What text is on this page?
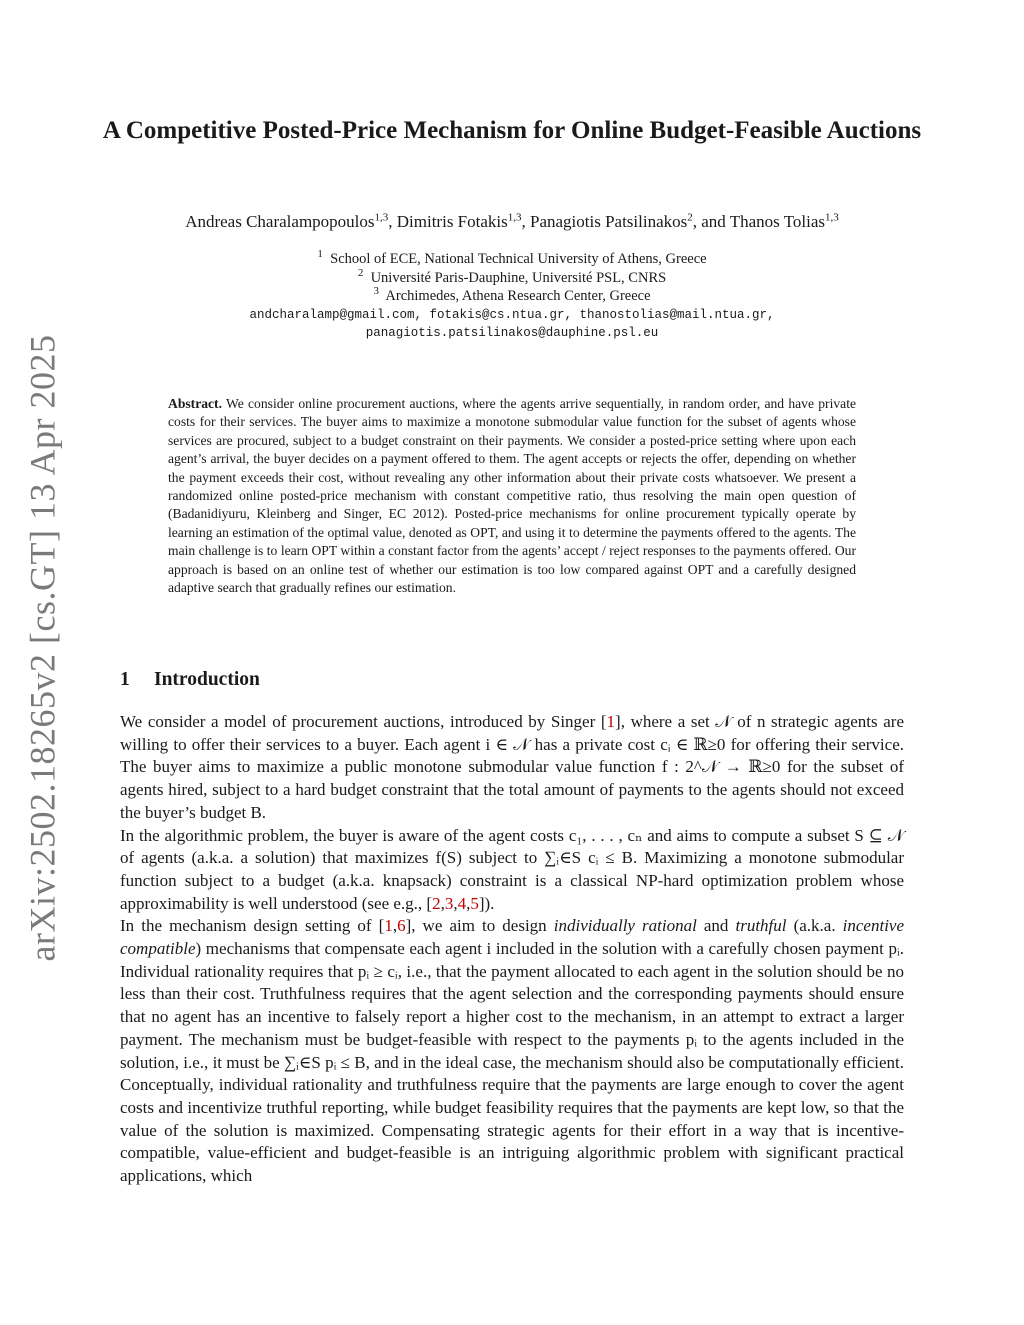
arXiv:2502.18265v2 [cs.GT] 13 Apr 2025
A Competitive Posted-Price Mechanism for Online Budget-Feasible Auctions
Andreas Charalampopoulos$^{1,3}$, Dimitris Fotakis$^{1,3}$, Panagiotis Patsilinakos$^2$, and Thanos Tolias$^{1,3}$
$^1$ School of ECE, National Technical University of Athens, Greece
$^2$ Université Paris-Dauphine, Université PSL, CNRS
$^3$ Archimedes, Athena Research Center, Greece
andcharalamp@gmail.com, fotakis@cs.ntua.gr, thanostolias@mail.ntua.gr,
panagiotis.patsilinakos@dauphine.psl.eu
Abstract. We consider online procurement auctions, where the agents arrive sequentially, in random order, and have private costs for their services. The buyer aims to maximize a monotone submodular value function for the subset of agents whose services are procured, subject to a budget constraint on their payments. We consider a posted-price setting where upon each agent’s arrival, the buyer decides on a payment offered to them. The agent accepts or rejects the offer, depending on whether the payment exceeds their cost, without revealing any other information about their private costs whatsoever. We present a randomized online posted-price mechanism with constant competitive ratio, thus resolving the main open question of (Badanidiyuru, Kleinberg and Singer, EC 2012). Posted-price mechanisms for online procurement typically operate by learning an estimation of the optimal value, denoted as OPT, and using it to determine the payments offered to the agents. The main challenge is to learn OPT within a constant factor from the agents’ accept / reject responses to the payments offered. Our approach is based on an online test of whether our estimation is too low compared against OPT and a carefully designed adaptive search that gradually refines our estimation.
1 Introduction

We consider a model of procurement auctions, introduced by Singer [1], where a set 𝒩 of n strategic agents are willing to offer their services to a buyer. Each agent i ∈ 𝒩 has a private cost cᵢ ∈ ℝ≥0 for offering their service. The buyer aims to maximize a public monotone submodular value function f : 2^𝒩 → ℝ≥0 for the subset of agents hired, subject to a hard budget constraint that the total amount of payments to the agents should not exceed the buyer’s budget B.

In the algorithmic problem, the buyer is aware of the agent costs c₁, . . . , cₙ and aims to compute a subset S ⊆ 𝒩 of agents (a.k.a. a solution) that maximizes f(S) subject to ∑ᵢ∈S cᵢ ≤ B. Maximizing a monotone submodular function subject to a budget (a.k.a. knapsack) constraint is a classical NP-hard optimization problem whose approximability is well understood (see e.g., [2,3,4,5]).

In the mechanism design setting of [1,6], we aim to design individually rational and truthful (a.k.a. incentive compatible) mechanisms that compensate each agent i included in the solution with a carefully chosen payment pᵢ. Individual rationality requires that pᵢ ≥ cᵢ, i.e., that the payment allocated to each agent in the solution should be no less than their cost. Truthfulness requires that the agent selection and the corresponding payments should ensure that no agent has an incentive to falsely report a higher cost to the mechanism, in an attempt to extract a larger payment. The mechanism must be budget-feasible with respect to the payments pᵢ to the agents included in the solution, i.e., it must be ∑ᵢ∈S pᵢ ≤ B, and in the ideal case, the mechanism should also be computationally efficient. Conceptually, individual rationality and truthfulness require that the payments are large enough to cover the agent costs and incentivize truthful reporting, while budget feasibility requires that the payments are kept low, so that the value of the solution is maximized. Compensating strategic agents for their effort in a way that is incentive-compatible, value-efficient and budget-feasible is an intriguing algorithmic problem with significant practical applications, which
